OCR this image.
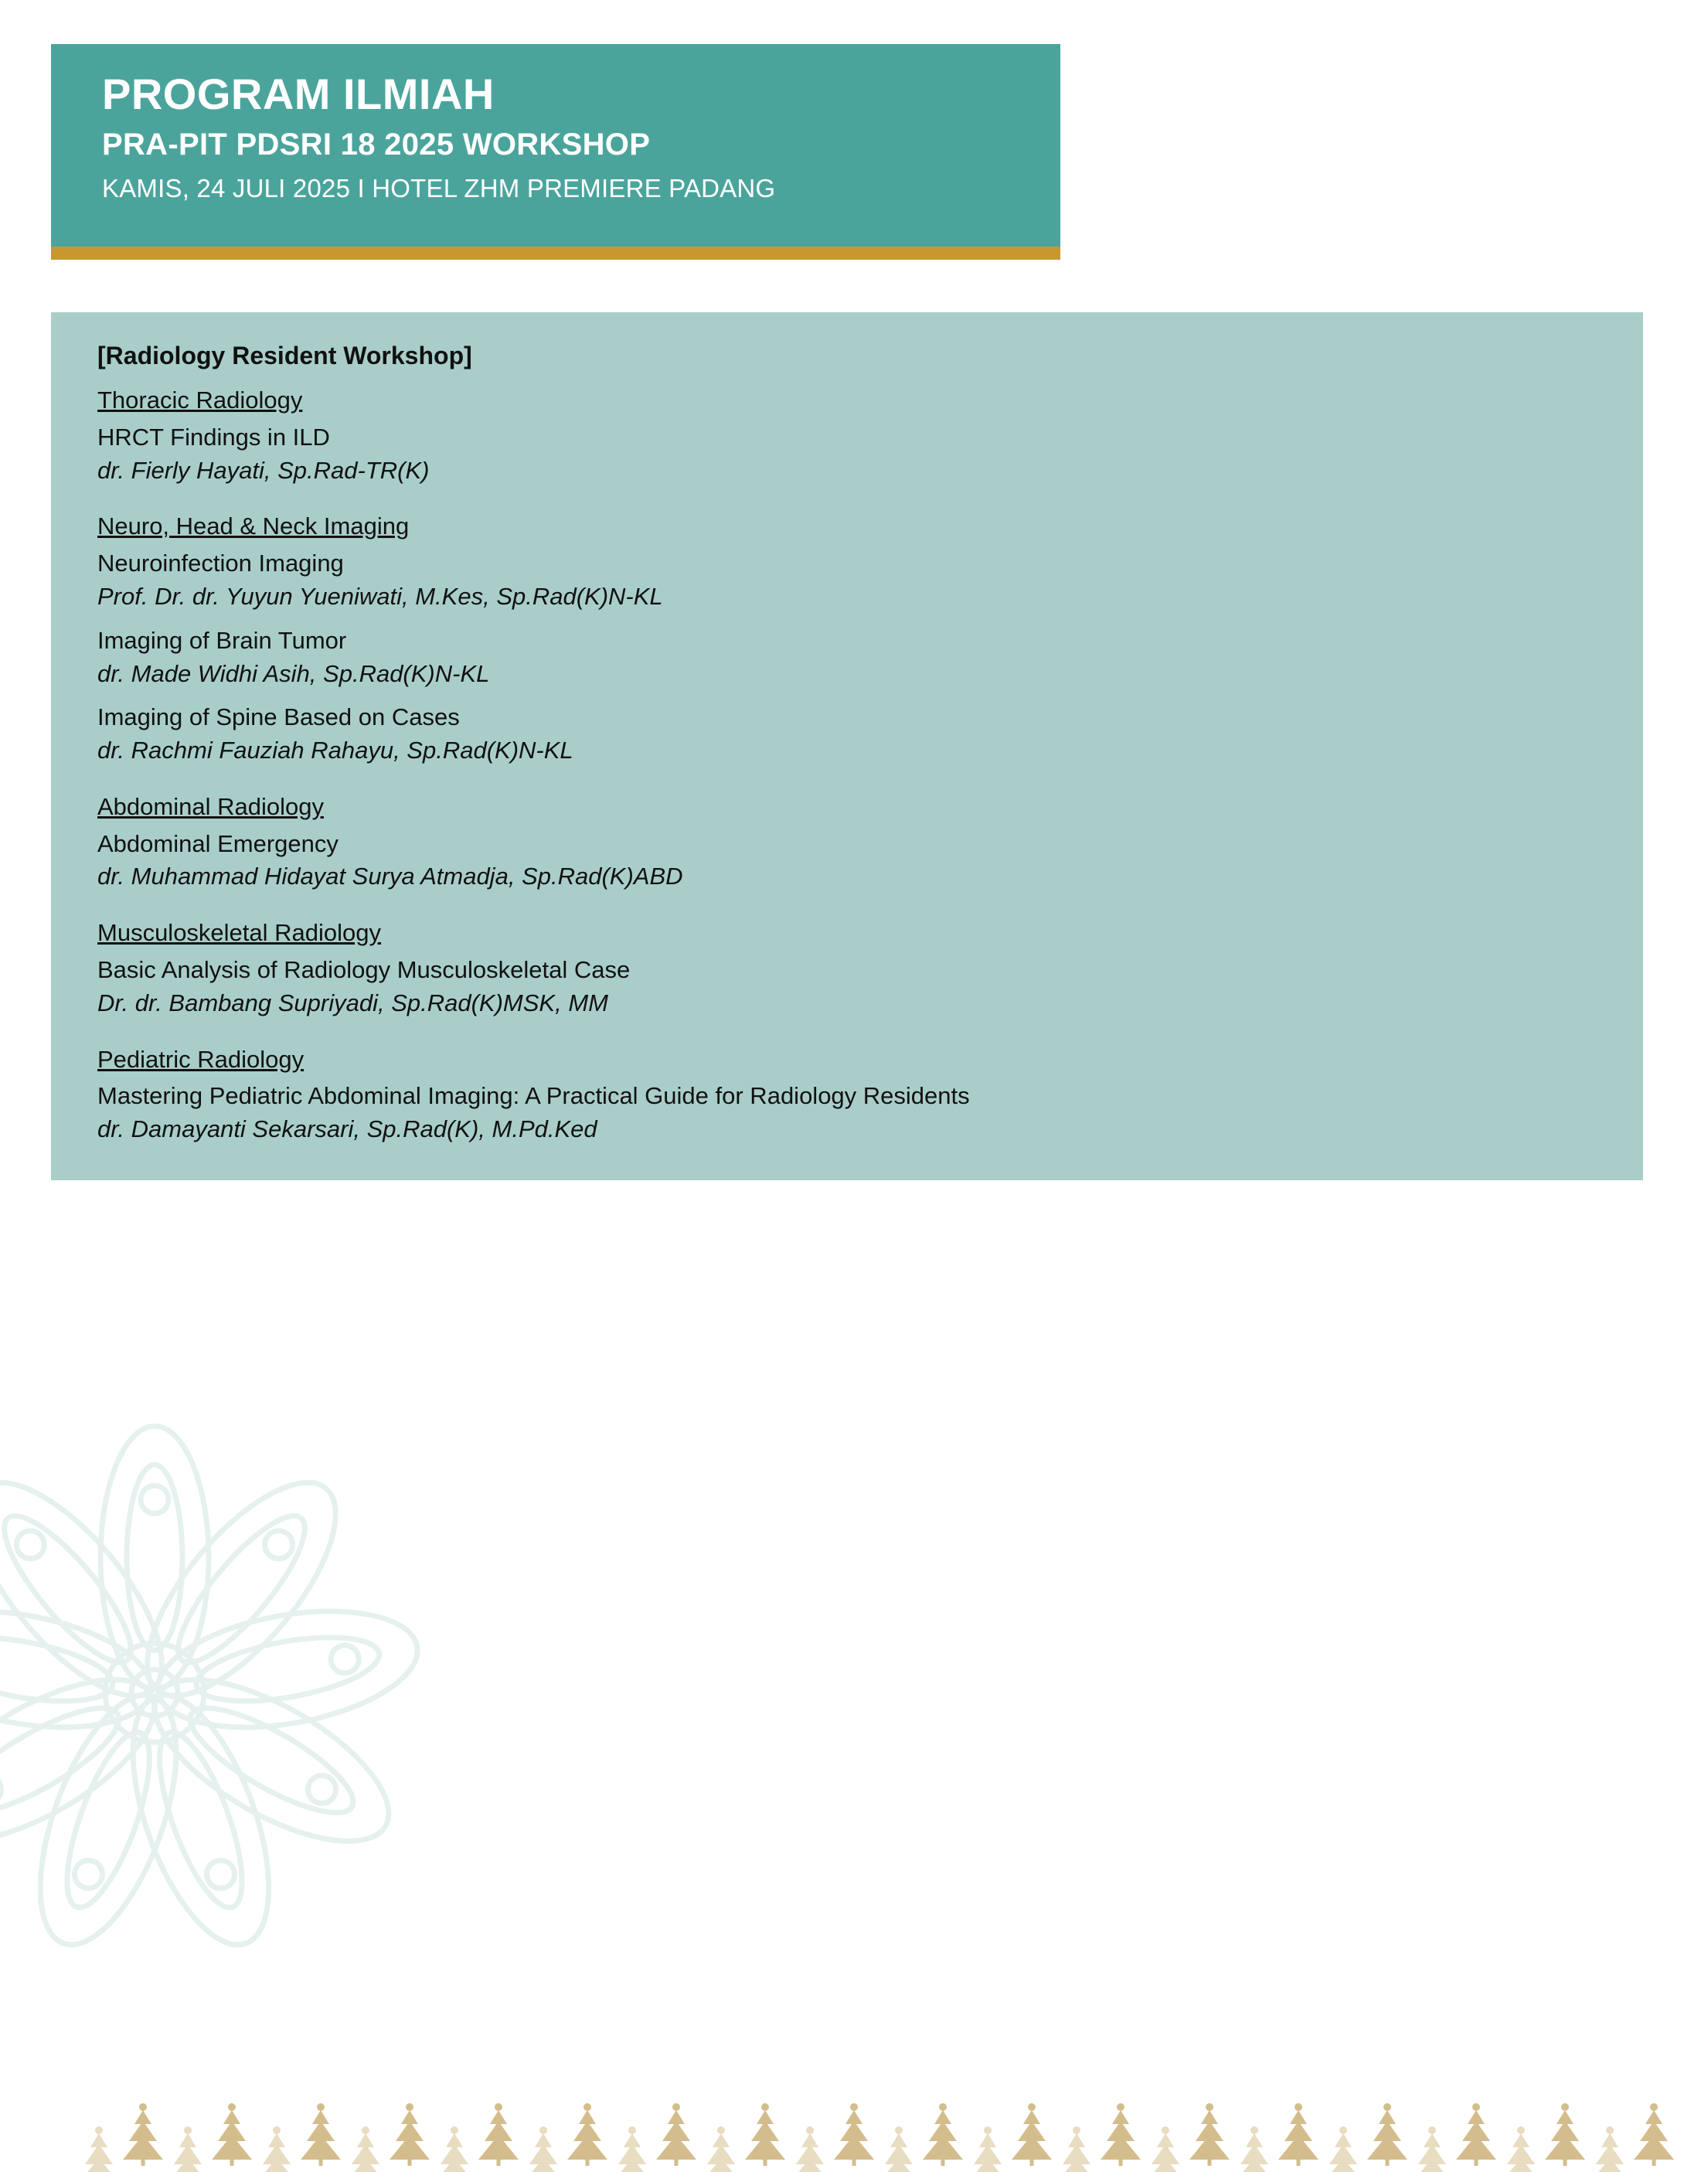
PROGRAM ILMIAH
PRA-PIT PDSRI 18 2025 WORKSHOP
KAMIS, 24 JULI 2025 I HOTEL ZHM PREMIERE PADANG
[Radiology Resident Workshop]
Thoracic Radiology
HRCT Findings in ILD
dr. Fierly Hayati, Sp.Rad-TR(K)
Neuro, Head & Neck Imaging
Neuroinfection Imaging
Prof. Dr. dr. Yuyun Yueniwati, M.Kes, Sp.Rad(K)N-KL
Imaging of Brain Tumor
dr. Made Widhi Asih, Sp.Rad(K)N-KL
Imaging of Spine Based on Cases
dr. Rachmi Fauziah Rahayu, Sp.Rad(K)N-KL
Abdominal Radiology
Abdominal Emergency
dr. Muhammad Hidayat Surya Atmadja, Sp.Rad(K)ABD
Musculoskeletal Radiology
Basic Analysis of Radiology Musculoskeletal Case
Dr. dr. Bambang Supriyadi, Sp.Rad(K)MSK, MM
Pediatric Radiology
Mastering Pediatric Abdominal Imaging: A Practical Guide for Radiology Residents
dr. Damayanti Sekarsari, Sp.Rad(K), M.Pd.Ked
